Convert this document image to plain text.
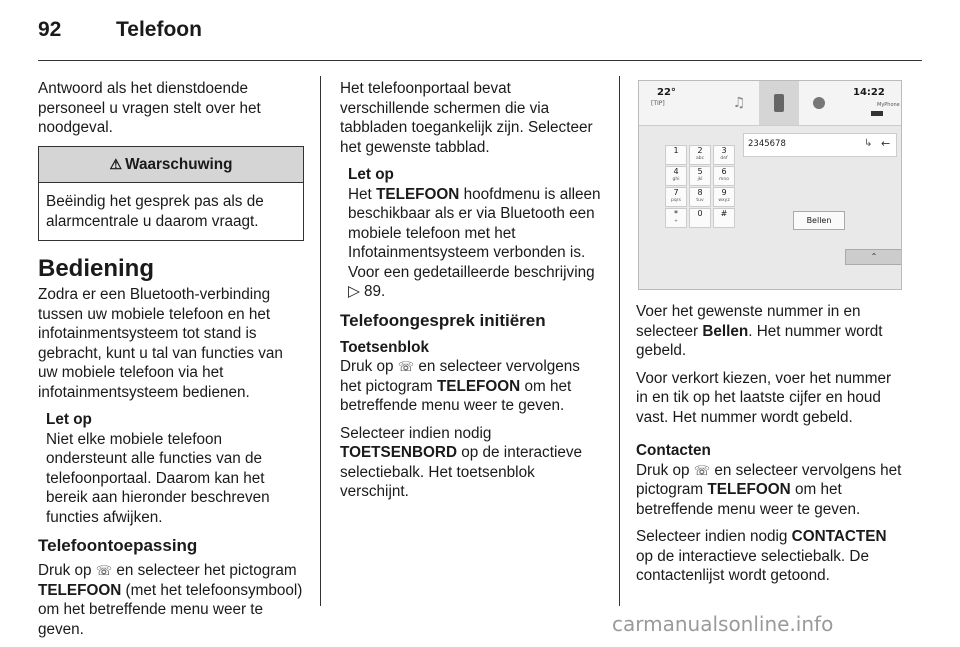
92	Telefoon

Antwoord als het dienstdoende personeel u vragen stelt over het noodgeval.

⚠ Waarschuwing
Beëindig het gesprek pas als de alarmcentrale u daarom vraagt.
Bediening

Zodra er een Bluetooth-verbinding tussen uw mobiele telefoon en het infotainmentsysteem tot stand is gebracht, kunt u tal van functies van uw mobiele telefoon via het infotainmentsysteem bedienen.

Let op

Niet elke mobiele telefoon ondersteunt alle functies van de telefoonportaal. Daarom kan het bereik aan hieronder beschreven functies afwijken.

Telefoontoepassing

Druk op ☏ en selecteer het pictogram TELEFOON (met het telefoonsymbool) om het betreffende menu weer te geven.

Het telefoonportaal bevat verschillende schermen die via tabbladen toegankelijk zijn. Selecteer het gewenste tabblad.

Let op

Het TELEFOON hoofdmenu is alleen beschikbaar als er via Bluetooth een mobiele telefoon met het Infotainmentsysteem verbonden is. Voor een gedetailleerde beschrijving ▷ 89.

Telefoongesprek initiëren
Toetsenblok

Druk op ☏ en selecteer vervolgens het pictogram TELEFOON om het betreffende menu weer te geven.

Selecteer indien nodig TOETSENBORD op de interactieve selectiebalk. Het toetsenblok verschijnt.

22°
[TIP]	♫
14:22
MyPhone
2345678	↳ ←
1	2
abc
3
def
4
ghi
5
jkl
6
mno
7
pqrs
8
tuv
9
wxyz
*
+
0	#
Bellen
⌃

Voer het gewenste nummer in en selecteer Bellen. Het nummer wordt gebeld.

Voor verkort kiezen, voer het nummer in en tik op het laatste cijfer en houd vast. Het nummer wordt gebeld.

Contacten

Druk op ☏ en selecteer vervolgens het pictogram TELEFOON om het betreffende menu weer te geven.

Selecteer indien nodig CONTACTEN op de interactieve selectiebalk. De contactenlijst wordt getoond.

carmanualsonline.info
